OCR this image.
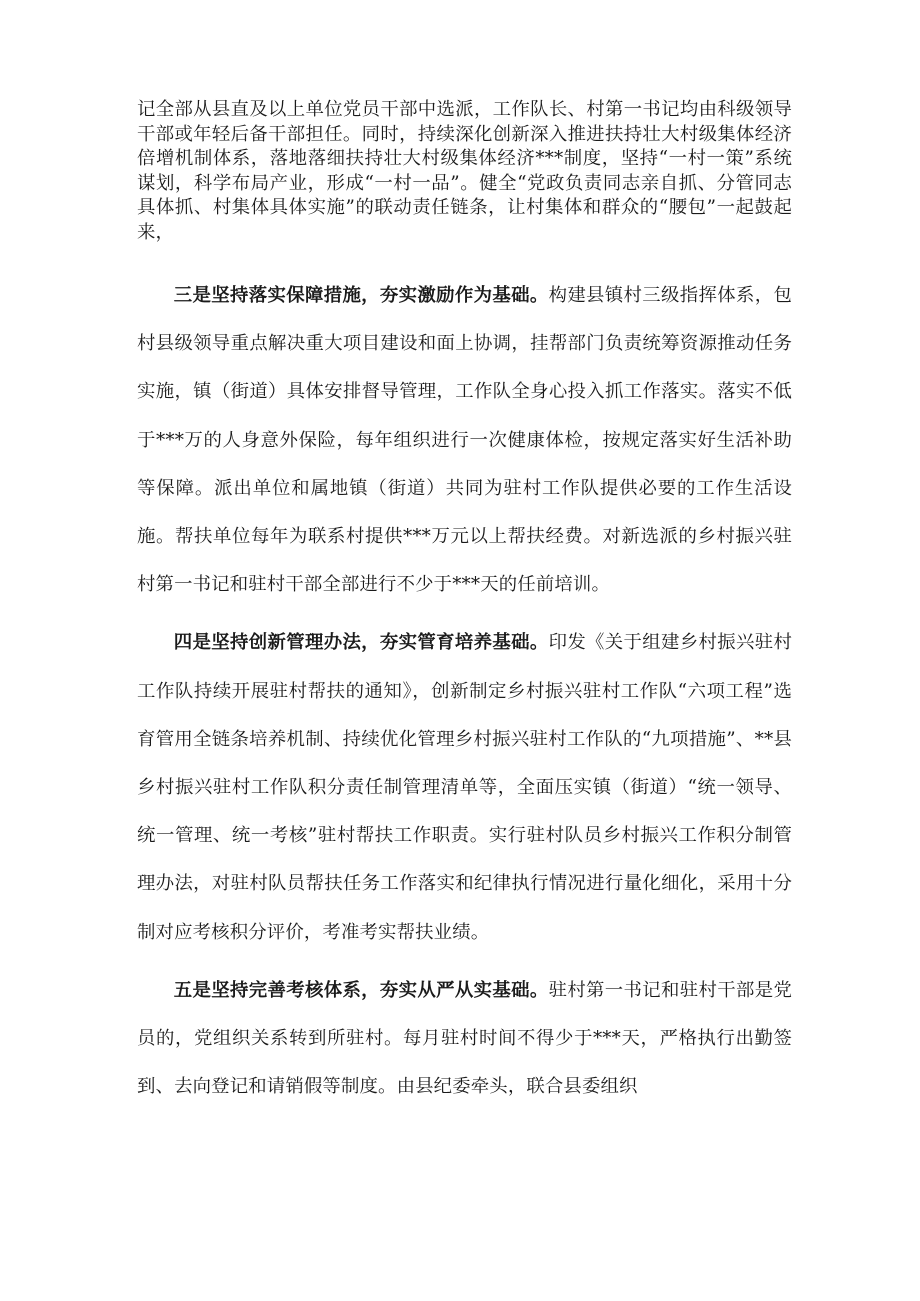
记全部从县直及以上单位党员干部中选派，工作队长、村第一书记均由科级领导干部或年轻后备干部担任。同时，持续深化创新深入推进扶持壮大村级集体经济倍增机制体系，落地落细扶持壮大村级集体经济***制度，坚持“一村一策”系统谋划，科学布局产业，形成“一村一品”。健全“党政负责同志亲自抓、分管同志具体抓、村集体具体实施”的联动责任链条，让村集体和群众的“腰包”一起鼓起来，

三是坚持落实保障措施，夯实激励作为基础。构建县镇村三级指挥体系，包村县级领导重点解决重大项目建设和面上协调，挂帮部门负责统筹资源推动任务实施，镇（街道）具体安排督导管理，工作队全身心投入抓工作落实。落实不低于***万的人身意外保险，每年组织进行一次健康体检，按规定落实好生活补助等保障。派出单位和属地镇（街道）共同为驻村工作队提供必要的工作生活设施。帮扶单位每年为联系村提供***万元以上帮扶经费。对新选派的乡村振兴驻村第一书记和驻村干部全部进行不少于***天的任前培训。

四是坚持创新管理办法，夯实管育培养基础。印发《关于组建乡村振兴驻村工作队持续开展驻村帮扶的通知》，创新制定乡村振兴驻村工作队“六项工程”选育管用全链条培养机制、持续优化管理乡村振兴驻村工作队的“九项措施”、**县乡村振兴驻村工作队积分责任制管理清单等，全面压实镇（街道）“统一领导、统一管理、统一考核”驻村帮扶工作职责。实行驻村队员乡村振兴工作积分制管理办法，对驻村队员帮扶任务工作落实和纪律执行情况进行量化细化，采用十分制对应考核积分评价，考准考实帮扶业绩。

五是坚持完善考核体系，夯实从严从实基础。驻村第一书记和驻村干部是党员的，党组织关系转到所驻村。每月驻村时间不得少于***天，严格执行出勤签到、去向登记和请销假等制度。由县纪委牵头，联合县委组织
